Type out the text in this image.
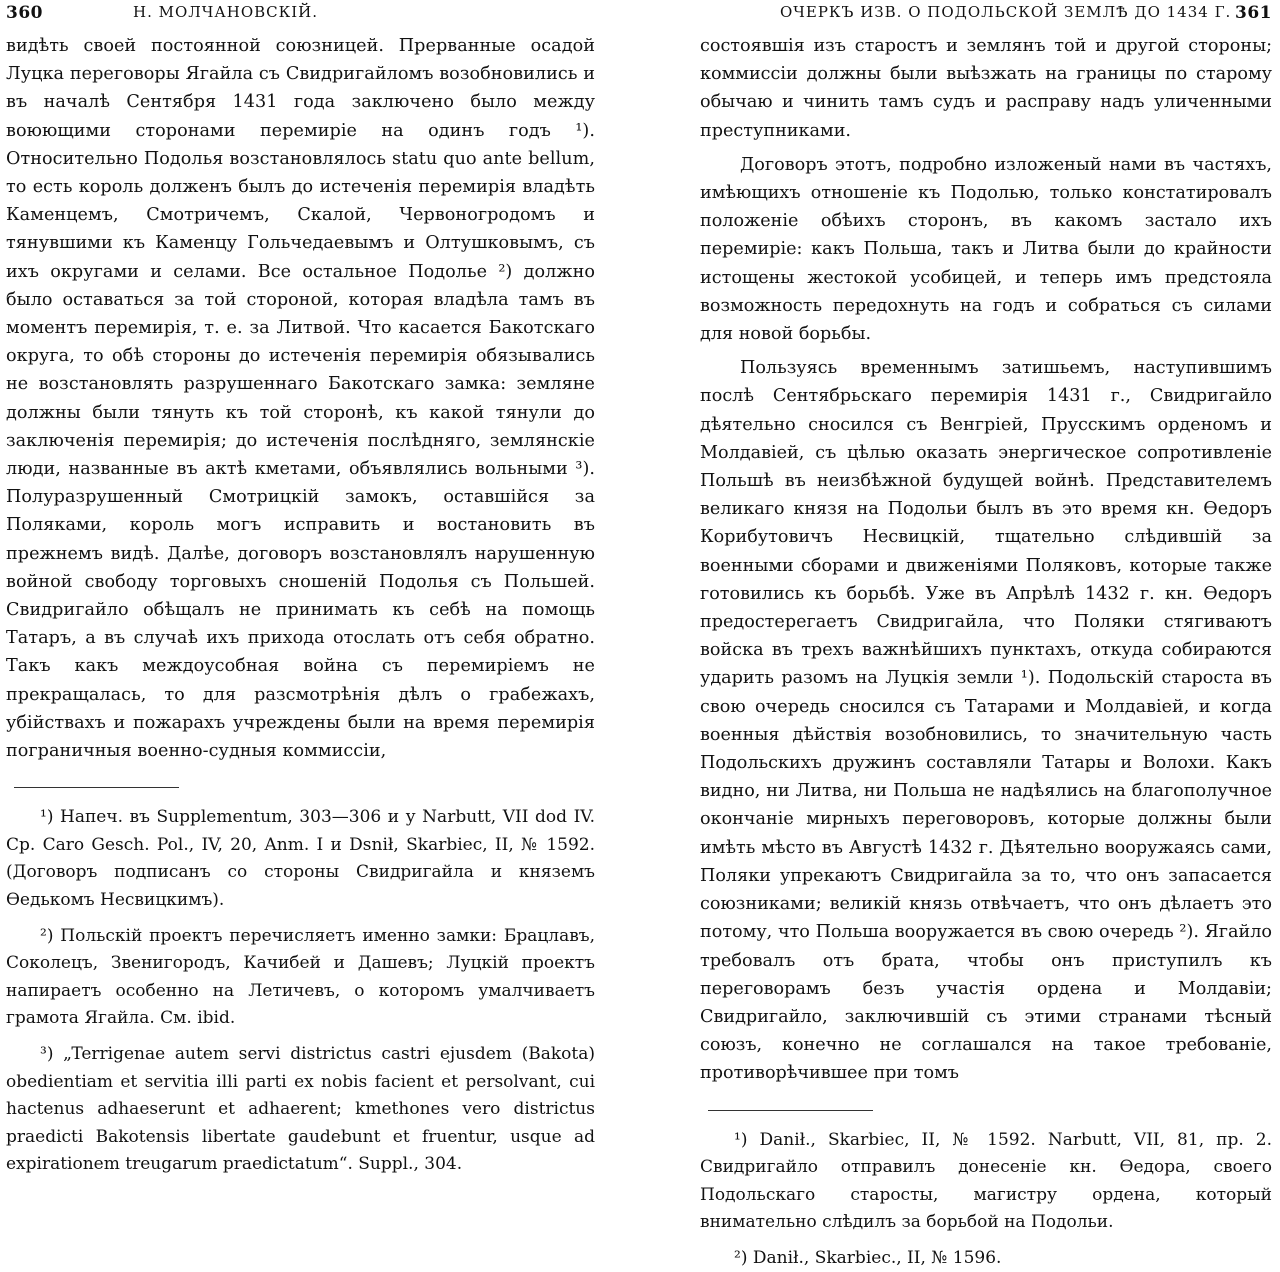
360	Н. МОЛЧАНОВСКІЙ.

видѣть своей постоянной союзницей. Прерванные осадой Луцка переговоры Ягайла съ Свидригайломъ возобновились и въ началѣ Сентября 1431 года заключено было между воюющими сторонами перемиріе на одинъ годъ ¹). Относительно Подолья возстановлялось statu quo ante bellum, то есть король долженъ былъ до истеченія перемирія владѣть Каменцемъ, Смотричемъ, Скалой, Червоногродомъ и тянувшими къ Каменцу Гольчедаевымъ и Олтушковымъ, съ ихъ округами и селами. Все остальное Подолье ²) должно было оставаться за той стороной, которая владѣла тамъ въ моментъ перемирія, т. е. за Литвой. Что касается Бакотскаго округа, то обѣ стороны до истеченія перемирія обязывались не возстановлять разрушеннаго Бакотскаго замка: земляне должны были тянуть къ той сторонѣ, къ какой тянули до заключенія перемирія; до истеченія послѣдняго, землянскіе люди, названные въ актѣ кметами, объявлялись вольными ³). Полуразрушенный Смотрицкій замокъ, оставшійся за Поляками, король могъ исправить и востановить въ прежнемъ видѣ. Далѣе, договоръ возстановлялъ нарушенную войной свободу торговыхъ сношеній Подолья съ Польшей. Свидригайло обѣщалъ не принимать къ себѣ на помощь Татаръ, а въ случаѣ ихъ прихода отослать отъ себя обратно. Такъ какъ междоусобная война съ перемиріемъ не прекращалась, то для разсмотрѣнія дѣлъ о грабежахъ, убійствахъ и пожарахъ учреждены были на время перемирія пограничныя военно-судныя коммиссіи,

¹) Напеч. въ Supplementum, 303—306 и у Narbutt, VII dod IV. Cp. Caro Gesch. Pol., IV, 20, Anm. I и Dsnił, Skarbiec, II, № 1592. (Договоръ подписанъ со стороны Свидригайла и княземъ Ѳедькомъ Несвицкимъ).

²) Польскій проектъ перечисляетъ именно замки: Брацлавъ, Соколецъ, Звенигородъ, Качибей и Дашевъ; Луцкій проектъ напираетъ особенно на Летичевъ, о которомъ умалчиваетъ грамота Ягайла. См. ibid.

³) „Terrigenae autem servi districtus castri ejusdem (Bakota) obedientiam et servitia illi parti ex nobis facient et persolvant, cui hactenus adhaeserunt et adhaerent; kmethones vero districtus praedicti Bakotensis libertate gaudebunt et fruentur, usque ad expirationem treugarum praedictatum“. Suppl., 304.

ОЧЕРКЪ ИЗВ. О ПОДОЛЬСКОЙ ЗЕМЛѢ ДО 1434 Г. 361

состоявшія изъ старостъ и землянъ той и другой стороны; коммиссіи должны были выѣзжать на границы по старому обычаю и чинить тамъ судъ и расправу надъ уличенными преступниками.

Договоръ этотъ, подробно изложеный нами въ частяхъ, имѣющихъ отношеніе къ Подолью, только констатировалъ положеніе обѣихъ сторонъ, въ какомъ застало ихъ перемиріе: какъ Польша, такъ и Литва были до крайности истощены жестокой усобицей, и теперь имъ предстояла возможность передохнуть на годъ и собраться съ силами для новой борьбы.

Пользуясь временнымъ затишьемъ, наступившимъ послѣ Сентябрьскаго перемирія 1431 г., Свидригайло дѣятельно сносился съ Венгріей, Прусскимъ орденомъ и Молдавіей, съ цѣлью оказать энергическое сопротивленіе Польшѣ въ неизбѣжной будущей войнѣ. Представителемъ великаго князя на Подольи былъ въ это время кн. Ѳедоръ Корибутовичъ Несвицкій, тщательно слѣдившій за военными сборами и движеніями Поляковъ, которые также готовились къ борьбѣ. Уже въ Апрѣлѣ 1432 г. кн. Ѳедоръ предостерегаетъ Свидригайла, что Поляки стягиваютъ войска въ трехъ важнѣйшихъ пунктахъ, откуда собираются ударить разомъ на Луцкія земли ¹). Подольскій староста въ свою очередь сносился съ Татарами и Молдавіей, и когда военныя дѣйствія возобновились, то значительную часть Подольскихъ дружинъ составляли Татары и Волохи. Какъ видно, ни Литва, ни Польша не надѣялись на благополучное окончаніе мирныхъ переговоровъ, которые должны были имѣть мѣсто въ Августѣ 1432 г. Дѣятельно вооружаясь сами, Поляки упрекаютъ Свидригайла за то, что онъ запасается союзниками; великій князь отвѣчаетъ, что онъ дѣлаетъ это потому, что Польша вооружается въ свою очередь ²). Ягайло требовалъ отъ брата, чтобы онъ приступилъ къ переговорамъ безъ участія ордена и Молдавіи; Свидригайло, заключившій съ этими странами тѣсный союзъ, конечно не соглашался на такое требованіе, противорѣчившее при томъ

¹) Danił., Skarbiec, II, № 1592. Narbutt, VII, 81, пр. 2. Свидригайло отправилъ донесеніе кн. Ѳедора, своего Подольскаго старосты, магистру ордена, который внимательно слѣдилъ за борьбой на Подольи.

²) Danił., Skarbiec., II, № 1596.
